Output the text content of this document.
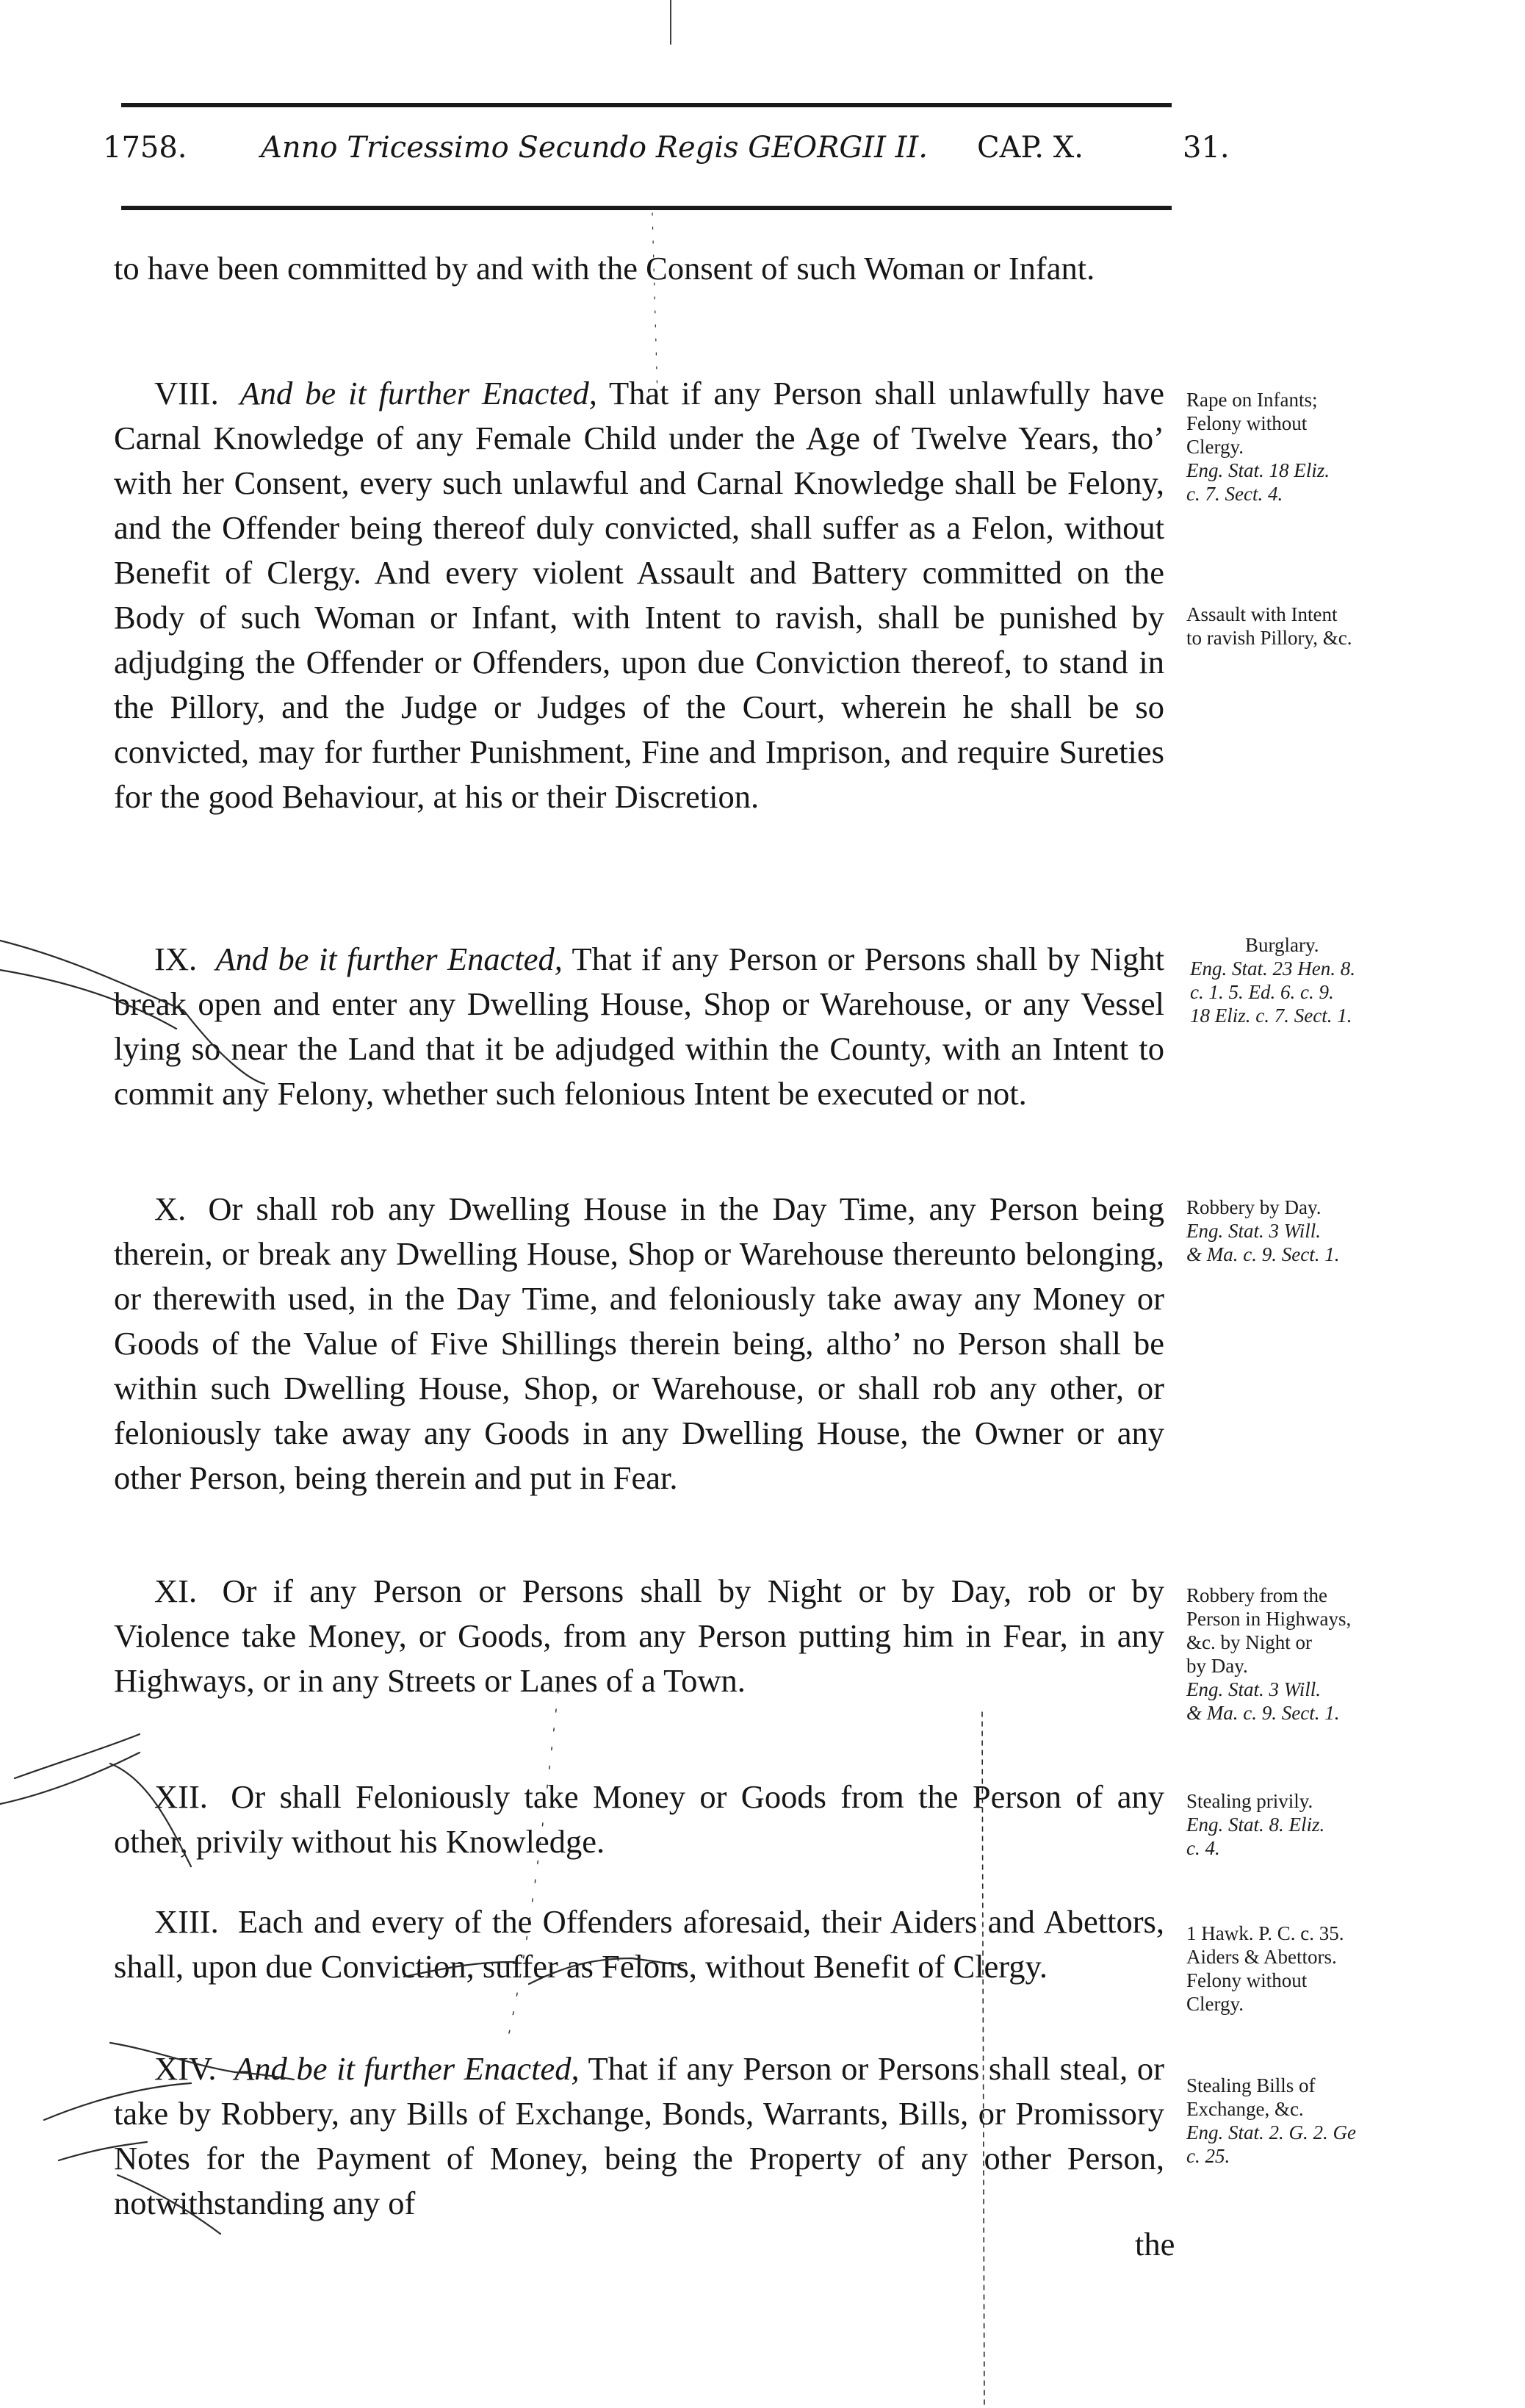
1758.	Anno Tricessimo Secundo Regis GEORGII II. CAP. X.	31.
to have been committed by and with the Consent of such Woman or Infant.
VIII. And be it further Enacted, That if any Person shall unlawfully have Carnal Knowledge of any Female Child under the Age of Twelve Years, tho’ with her Consent, every such unlawful and Carnal Knowledge shall be Felony, and the Offender being thereof duly convicted, shall suffer as a Felon, without Benefit of Clergy. And every violent Assault and Battery committed on the Body of such Woman or Infant, with Intent to ravish, shall be punished by adjudging the Offender or Offenders, upon due Conviction thereof, to stand in the Pillory, and the Judge or Judges of the Court, wherein he shall be so convicted, may for further Punishment, Fine and Imprison, and require Sureties for the good Behaviour, at his or their Discretion.
IX. And be it further Enacted, That if any Person or Persons shall by Night break open and enter any Dwelling House, Shop or Warehouse, or any Vessel lying so near the Land that it be adjudged within the County, with an Intent to commit any Felony, whether such felonious Intent be executed or not.
X. Or shall rob any Dwelling House in the Day Time, any Person being therein, or break any Dwelling House, Shop or Warehouse thereunto belonging, or therewith used, in the Day Time, and feloniously take away any Money or Goods of the Value of Five Shillings therein being, altho’ no Person shall be within such Dwelling House, Shop, or Warehouse, or shall rob any other, or feloniously take away any Goods in any Dwelling House, the Owner or any other Person, being therein and put in Fear.
XI. Or if any Person or Persons shall by Night or by Day, rob or by Violence take Money, or Goods, from any Person putting him in Fear, in any Highways, or in any Streets or Lanes of a Town.
XII. Or shall Feloniously take Money or Goods from the Person of any other, privily without his Knowledge.
XIII. Each and every of the Offenders aforesaid, their Aiders and Abettors, shall, upon due Conviction, suffer as Felons, without Benefit of Clergy.
XIV. And be it further Enacted, That if any Person or Persons shall steal, or take by Robbery, any Bills of Exchange, Bonds, Warrants, Bills, or Promissory Notes for the Payment of Money, being the Property of any other Person, notwithstanding any of
the
Rape on Infants;
Felony without
Clergy.
Eng. Stat. 18 Eliz.
c. 7. Sect. 4.
Assault with Intent
to ravish Pillory, &c.
Burglary.
Eng. Stat. 23 Hen. 8.
c. 1. 5. Ed. 6. c. 9.
18 Eliz. c. 7. Sect. 1.
Robbery by Day.
Eng. Stat. 3 Will.
& Ma. c. 9. Sect. 1.
Robbery from the
Person in Highways,
&c. by Night or
by Day.
Eng. Stat. 3 Will.
& Ma. c. 9. Sect. 1.
Stealing privily.
Eng. Stat. 8. Eliz.
c. 4.
1 Hawk. P. C. c. 35.
Aiders & Abettors.
Felony without
Clergy.
Stealing Bills of
Exchange, &c.
Eng. Stat. 2. G. 2. Ge
c. 25.
